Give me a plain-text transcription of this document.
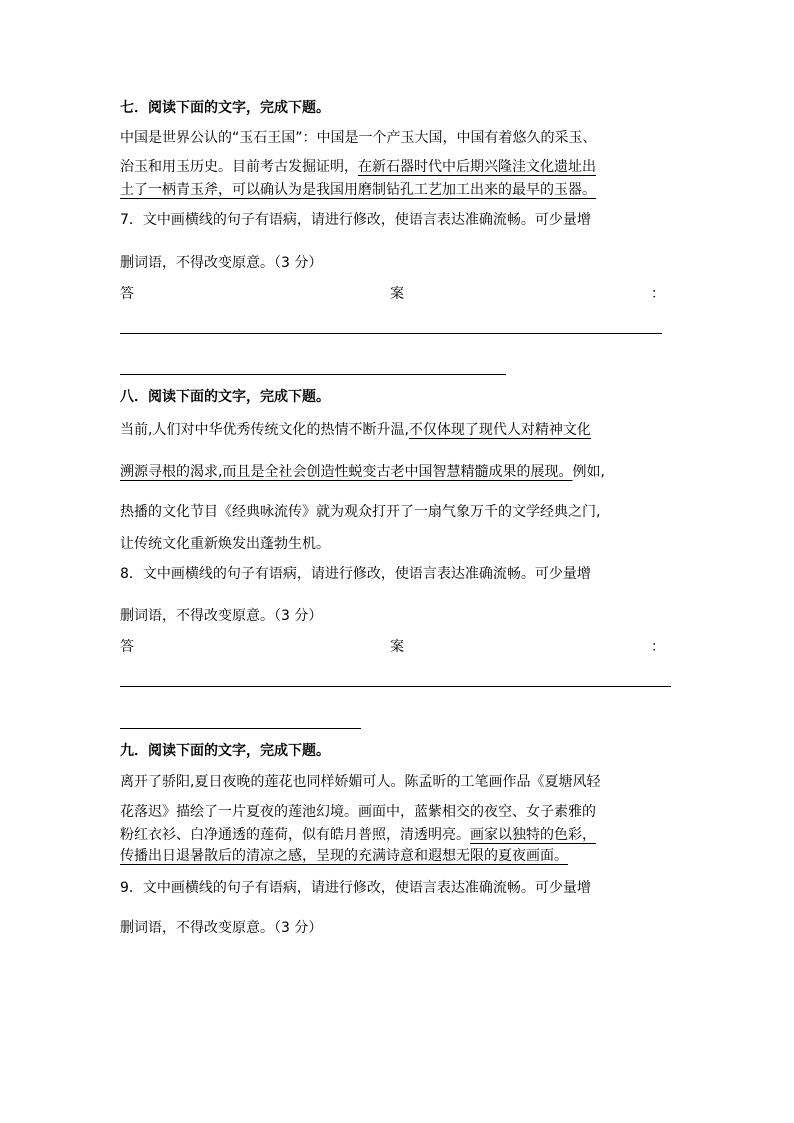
七．阅读下面的文字，完成下题。
中国是世界公认的“玉石王国”：中国是一个产玉大国，中国有着悠久的采玉、
治玉和用玉历史。目前考古发掘证明，在新石器时代中后期兴隆洼文化遗址出
土了一柄青玉斧，可以确认为是我国用磨制钻孔工艺加工出来的最早的玉器。
7．文中画横线的句子有语病，请进行修改，使语言表达准确流畅。可少量增
删词语，不得改变原意。（3 分）
答	案	：
八．阅读下面的文字，完成下题。
当前,人们对中华优秀传统文化的热情不断升温,不仅体现了现代人对精神文化
溯源寻根的渴求,而且是全社会创造性蜕变古老中国智慧精髓成果的展现。例如,
热播的文化节目《经典咏流传》就为观众打开了一扇气象万千的文学经典之门,
让传统文化重新焕发出蓬勃生机。
8．文中画横线的句子有语病，请进行修改，使语言表达准确流畅。可少量增
删词语，不得改变原意。（3 分）
答	案	：
九．阅读下面的文字，完成下题。
离开了骄阳,夏日夜晚的莲花也同样娇媚可人。陈孟昕的工笔画作品《夏塘风轻
花落迟》描绘了一片夏夜的莲池幻境。画面中，蓝紫相交的夜空、女子素雅的
粉红衣衫、白净通透的莲荷，似有皓月普照，清透明亮。画家以独特的色彩，
传播出日退暑散后的清凉之感，呈现的充满诗意和遐想无限的夏夜画面。
9．文中画横线的句子有语病，请进行修改，使语言表达准确流畅。可少量增
删词语，不得改变原意。（3 分）
